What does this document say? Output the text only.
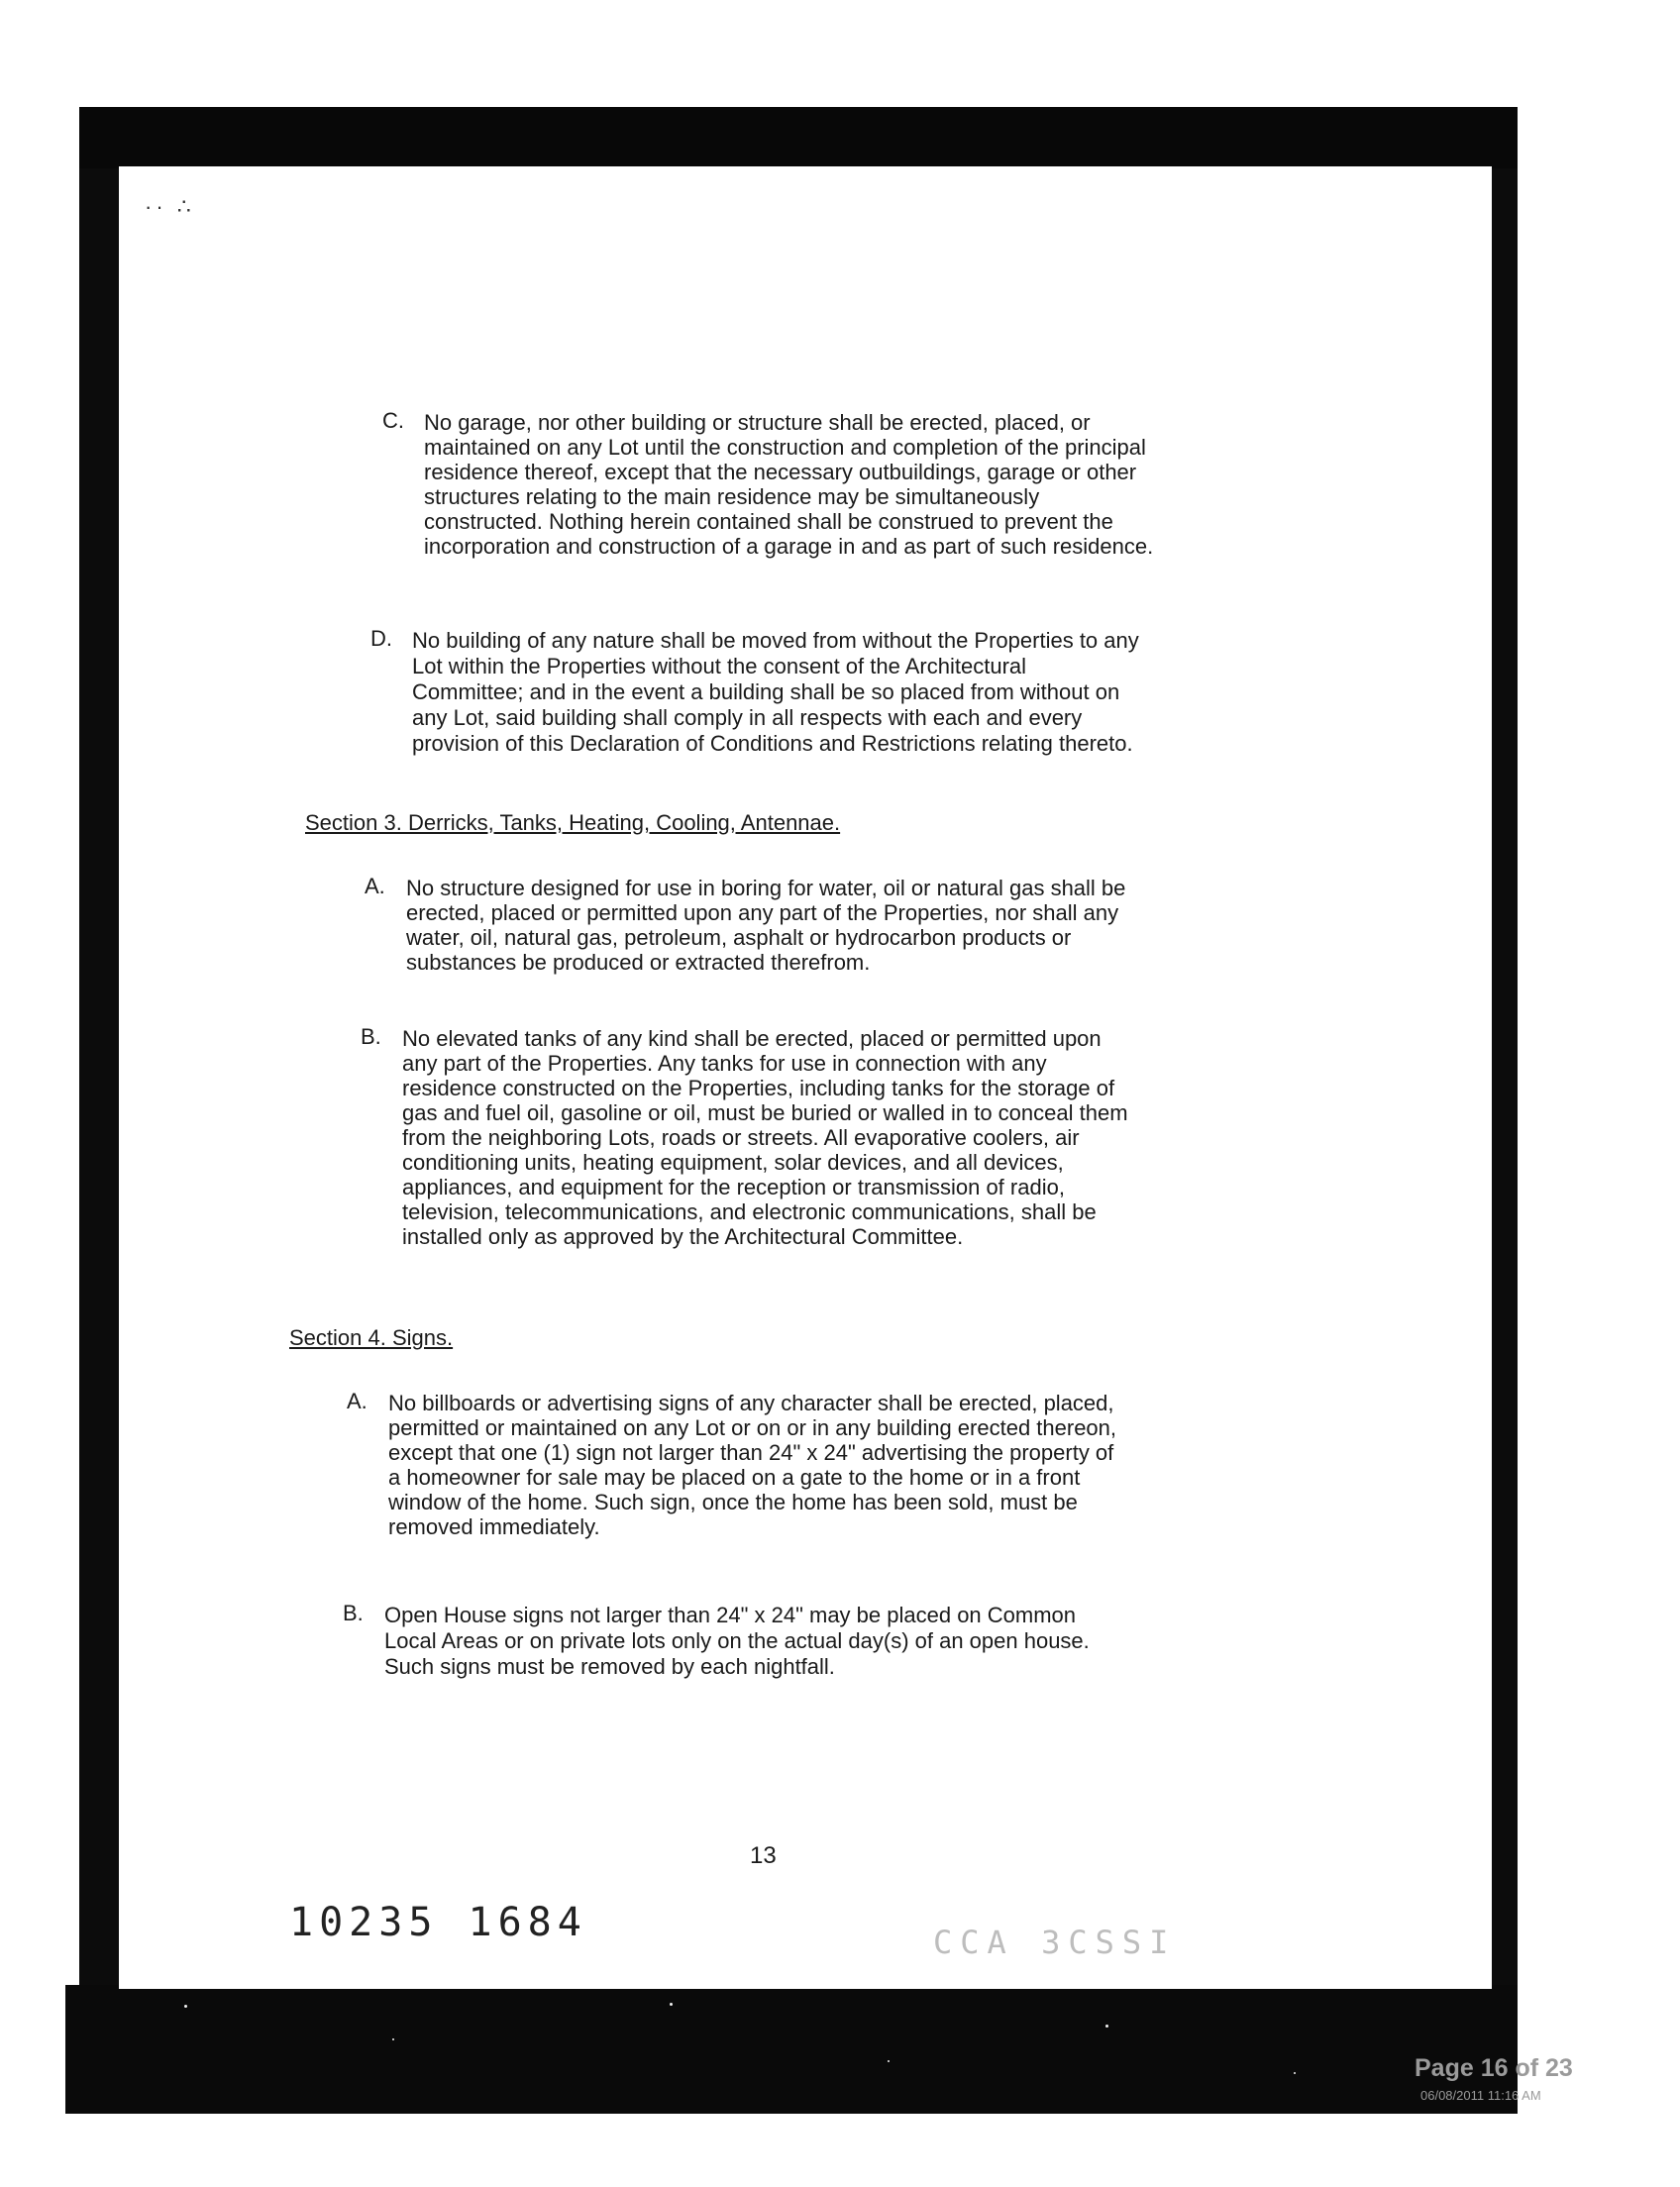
·· ∴
C. No garage, nor other building or structure shall be erected, placed, or
maintained on any Lot until the construction and completion of the principal
residence thereof, except that the necessary outbuildings, garage or other
structures relating to the main residence may be simultaneously
constructed. Nothing herein contained shall be construed to prevent the
incorporation and construction of a garage in and as part of such residence.
D. No building of any nature shall be moved from without the Properties to any
Lot within the Properties without the consent of the Architectural
Committee; and in the event a building shall be so placed from without on
any Lot, said building shall comply in all respects with each and every
provision of this Declaration of Conditions and Restrictions relating thereto.
Section 3. Derricks, Tanks, Heating, Cooling, Antennae.
A. No structure designed for use in boring for water, oil or natural gas shall be
erected, placed or permitted upon any part of the Properties, nor shall any
water, oil, natural gas, petroleum, asphalt or hydrocarbon products or
substances be produced or extracted therefrom.
B. No elevated tanks of any kind shall be erected, placed or permitted upon
any part of the Properties. Any tanks for use in connection with any
residence constructed on the Properties, including tanks for the storage of
gas and fuel oil, gasoline or oil, must be buried or walled in to conceal them
from the neighboring Lots, roads or streets. All evaporative coolers, air
conditioning units, heating equipment, solar devices, and all devices,
appliances, and equipment for the reception or transmission of radio,
television, telecommunications, and electronic communications, shall be
installed only as approved by the Architectural Committee.
Section 4. Signs.
A. No billboards or advertising signs of any character shall be erected, placed,
permitted or maintained on any Lot or on or in any building erected thereon,
except that one (1) sign not larger than 24" x 24" advertising the property of
a homeowner for sale may be placed on a gate to the home or in a front
window of the home. Such sign, once the home has been sold, must be
removed immediately.
B. Open House signs not larger than 24" x 24" may be placed on Common
Local Areas or on private lots only on the actual day(s) of an open house.
Such signs must be removed by each nightfall.
13
10235 1684	CCA 3CSSI
Page 16 of 23
06/08/2011 11:16 AM
